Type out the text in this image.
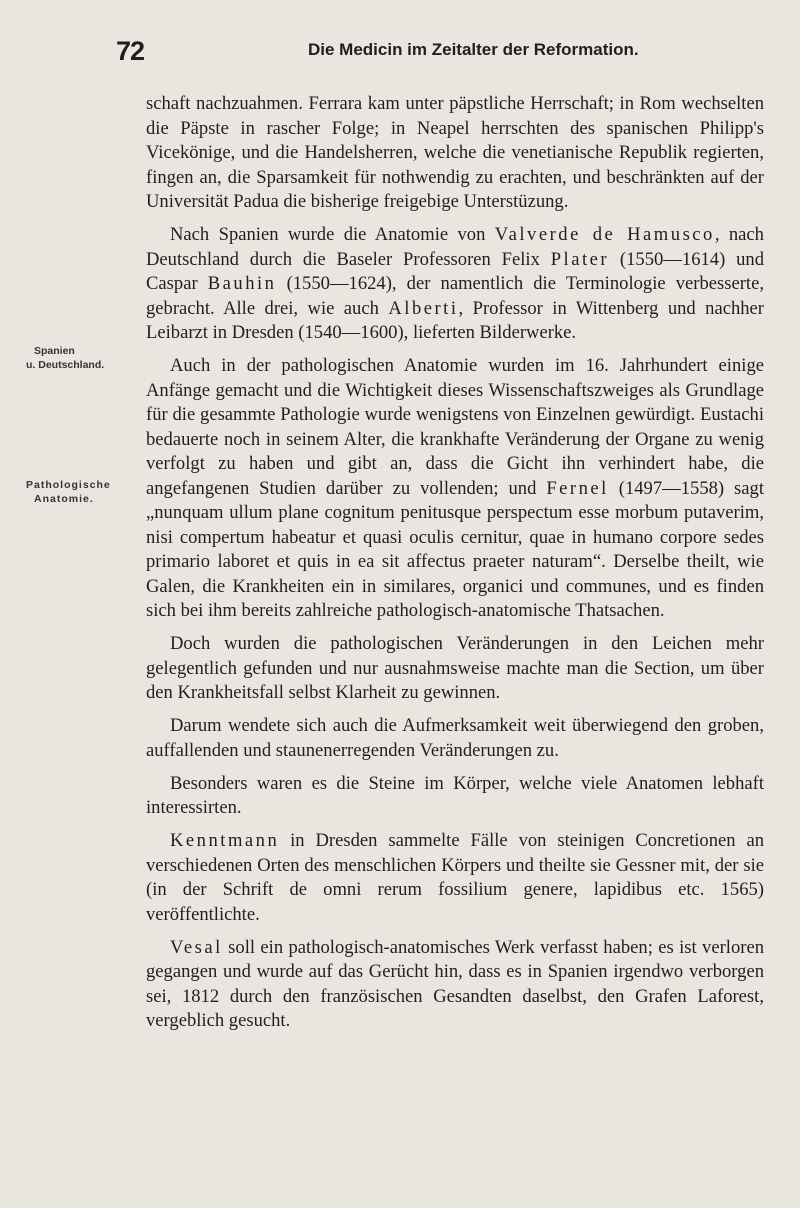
72	Die Medicin im Zeitalter der Reformation.
Spanien
u. Deutschland.
Pathologische
Anatomie.

schaft nachzuahmen. Ferrara kam unter päpstliche Herrschaft; in Rom wechselten die Päpste in rascher Folge; in Neapel herrschten des spanischen Philipp's Vicekönige, und die Handelsherren, welche die venetianische Republik regierten, fingen an, die Sparsamkeit für nothwendig zu erachten, und beschränkten auf der Universität Padua die bisherige freigebige Unterstüzung.

Nach Spanien wurde die Anatomie von Valverde de Hamusco, nach Deutschland durch die Baseler Professoren Felix Plater (1550—1614) und Caspar Bauhin (1550—1624), der namentlich die Terminologie verbesserte, gebracht. Alle drei, wie auch Alberti, Professor in Wittenberg und nachher Leibarzt in Dresden (1540—1600), lieferten Bilderwerke.

Auch in der pathologischen Anatomie wurden im 16. Jahrhundert einige Anfänge gemacht und die Wichtigkeit dieses Wissenschaftszweiges als Grundlage für die gesammte Pathologie wurde wenigstens von Einzelnen gewürdigt. Eustachi bedauerte noch in seinem Alter, die krankhafte Veränderung der Organe zu wenig verfolgt zu haben und gibt an, dass die Gicht ihn verhindert habe, die angefangenen Studien darüber zu vollenden; und Fernel (1497—1558) sagt „nunquam ullum plane cognitum penitusque perspectum esse morbum putaverim, nisi compertum habeatur et quasi oculis cernitur, quae in humano corpore sedes primario laboret et quis in ea sit affectus praeter naturam“. Derselbe theilt, wie Galen, die Krankheiten ein in similares, organici und communes, und es finden sich bei ihm bereits zahlreiche pathologisch-anatomische Thatsachen.

Doch wurden die pathologischen Veränderungen in den Leichen mehr gelegentlich gefunden und nur ausnahmsweise machte man die Section, um über den Krankheitsfall selbst Klarheit zu gewinnen.

Darum wendete sich auch die Aufmerksamkeit weit überwiegend den groben, auffallenden und staunenerregenden Veränderungen zu.

Besonders waren es die Steine im Körper, welche viele Anatomen lebhaft interessirten.

Kenntmann in Dresden sammelte Fälle von steinigen Concretionen an verschiedenen Orten des menschlichen Körpers und theilte sie Gessner mit, der sie (in der Schrift de omni rerum fossilium genere, lapidibus etc. 1565) veröffentlichte.

Vesal soll ein pathologisch-anatomisches Werk verfasst haben; es ist verloren gegangen und wurde auf das Gerücht hin, dass es in Spanien irgendwo verborgen sei, 1812 durch den französischen Gesandten daselbst, den Grafen Laforest, vergeblich gesucht.
